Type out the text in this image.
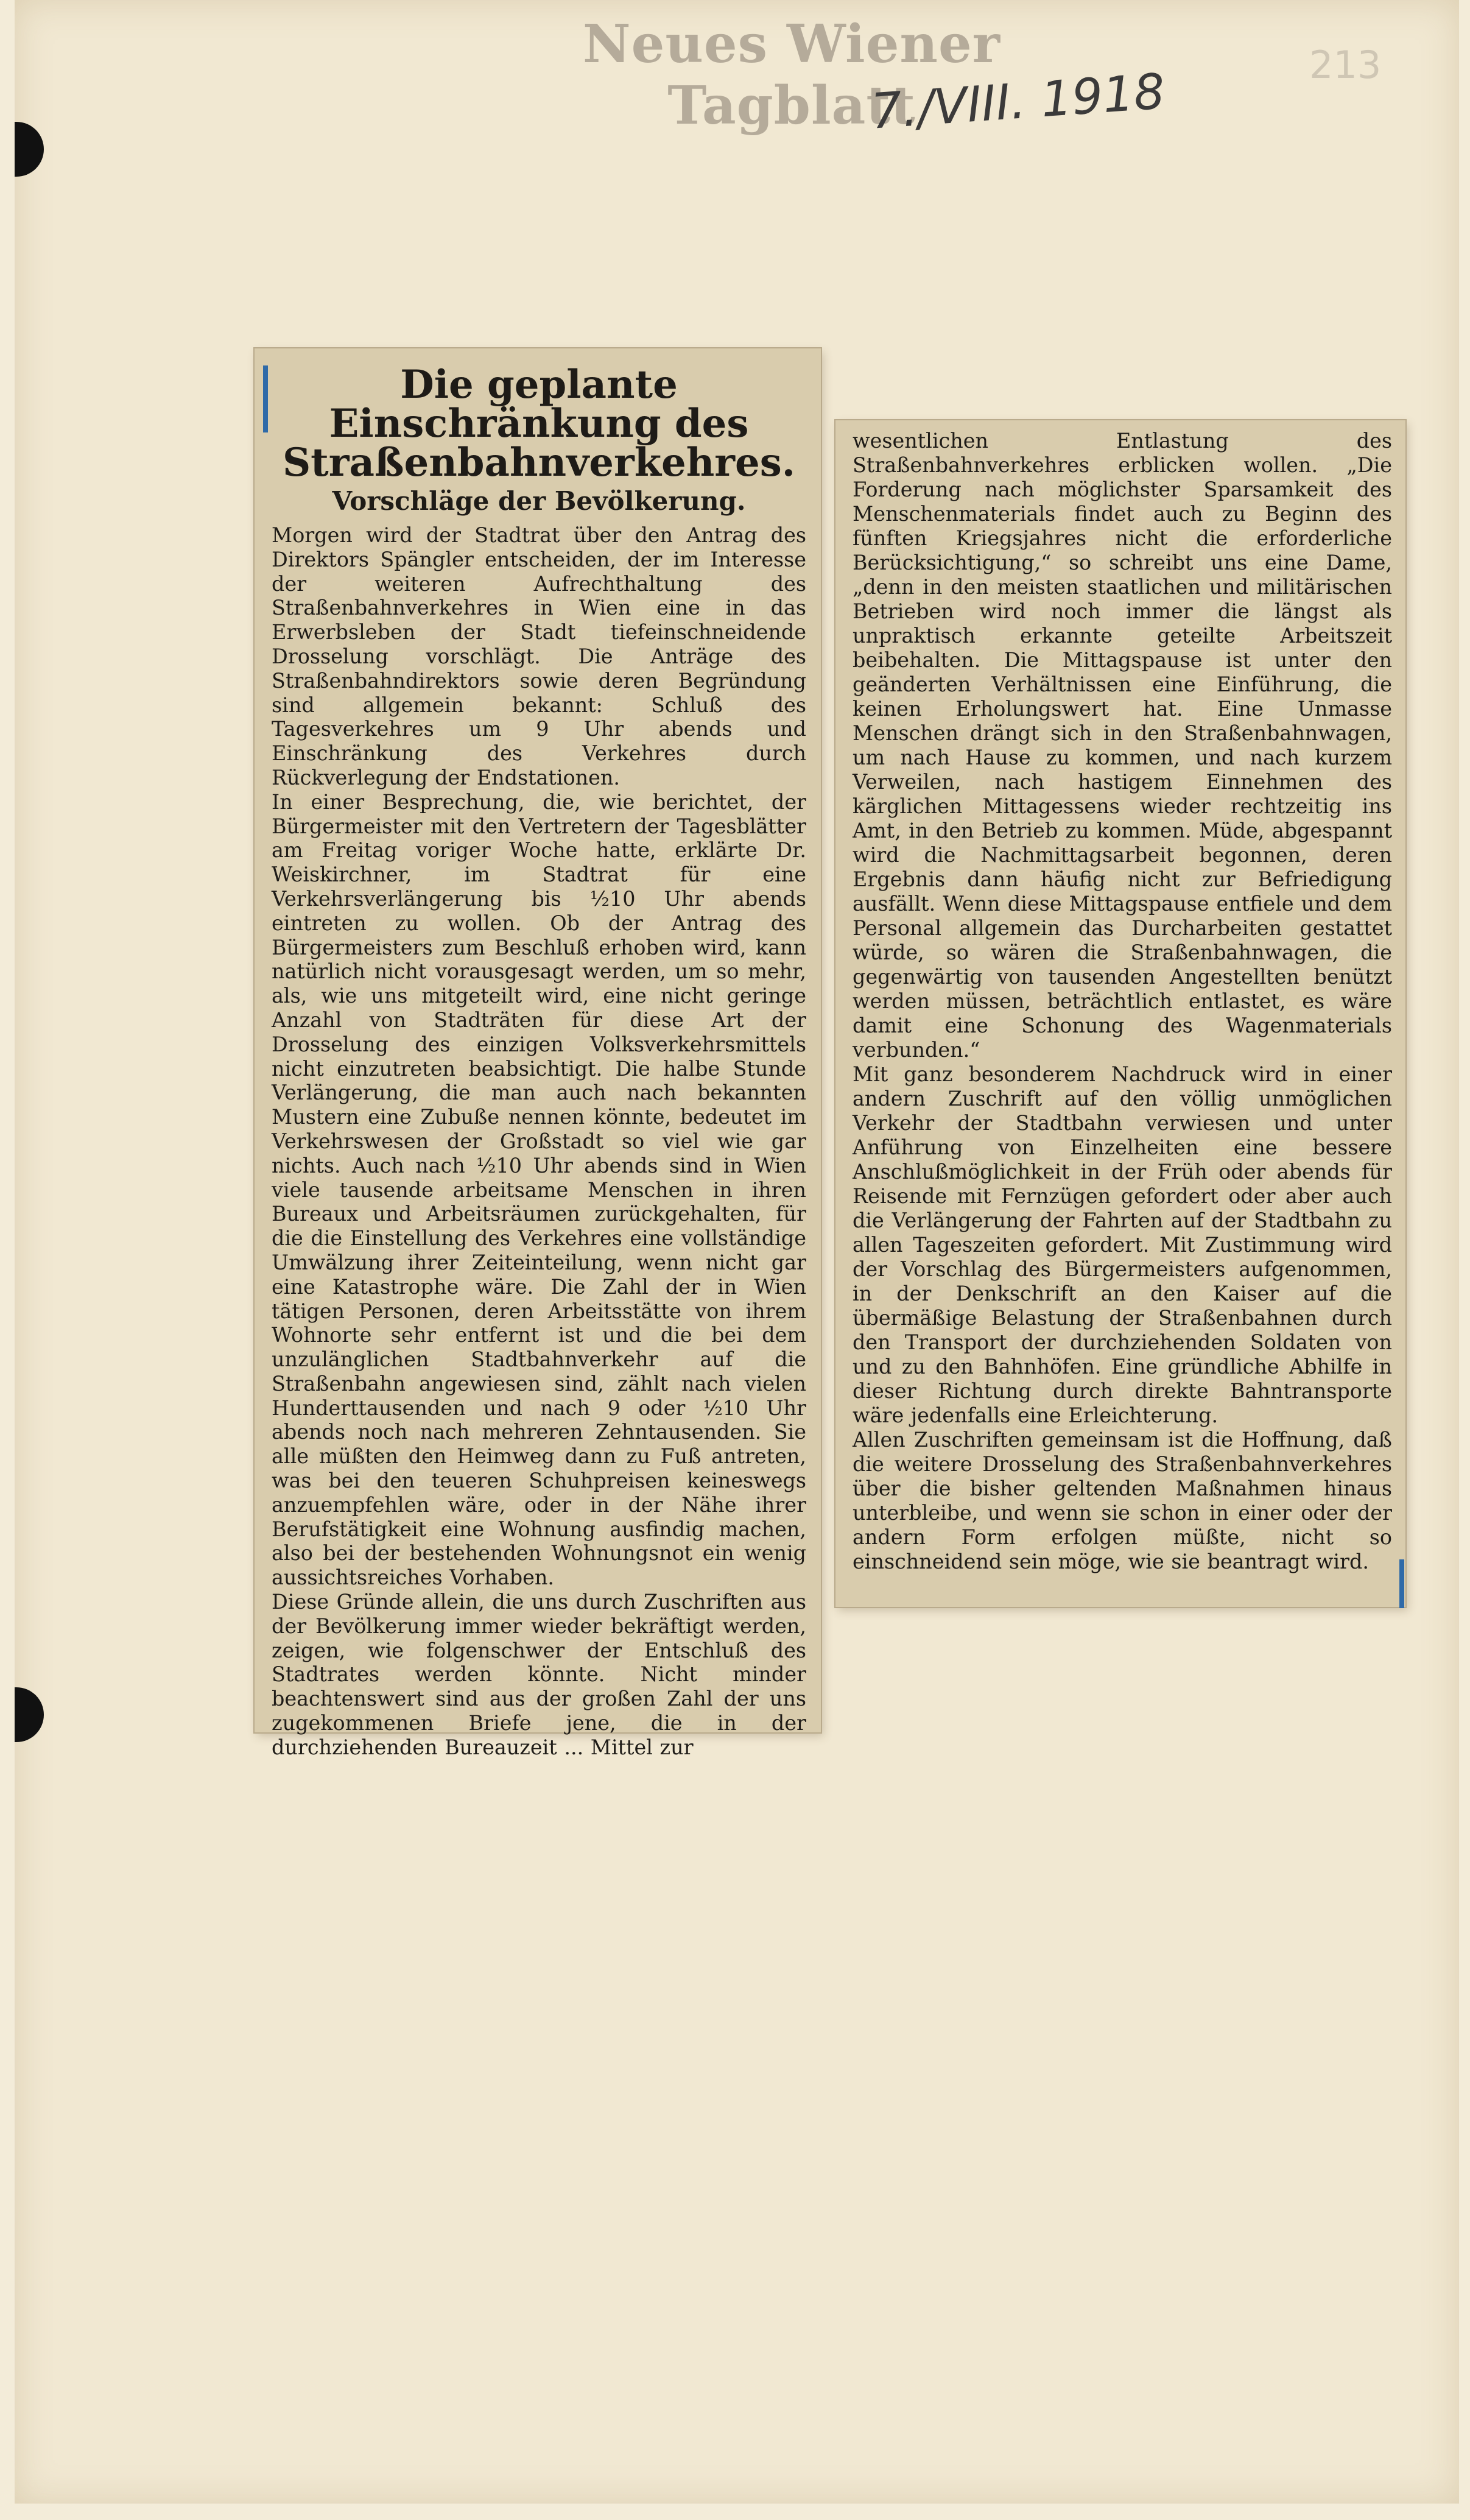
Neues Wiener Tagblatt
7./VIII. 1918	213
Die geplante Einschränkung des Straßenbahnverkehres.
Vorschläge der Bevölkerung.

Morgen wird der Stadtrat über den Antrag des Direktors Spängler entscheiden, der im Interesse der weiteren Aufrechthaltung des Straßenbahnverkehres in Wien eine in das Erwerbsleben der Stadt tiefeinschneidende Drosselung vorschlägt. Die Anträge des Straßenbahndirektors sowie deren Begründung sind allgemein bekannt: Schluß des Tagesverkehres um 9 Uhr abends und Einschränkung des Verkehres durch Rückverlegung der Endstationen.
In einer Besprechung, die, wie berichtet, der Bürgermeister mit den Vertretern der Tagesblätter am Freitag voriger Woche hatte, erklärte Dr. Weiskirchner, im Stadtrat für eine Verkehrsverlängerung bis ½10 Uhr abends eintreten zu wollen. Ob der Antrag des Bürgermeisters zum Beschluß erhoben wird, kann natürlich nicht vorausgesagt werden, um so mehr, als, wie uns mitgeteilt wird, eine nicht geringe Anzahl von Stadträten für diese Art der Drosselung des einzigen Volksverkehrsmittels nicht einzutreten beabsichtigt. Die halbe Stunde Verlängerung, die man auch nach bekannten Mustern eine Zubuße nennen könnte, bedeutet im Verkehrswesen der Großstadt so viel wie gar nichts. Auch nach ½10 Uhr abends sind in Wien viele tausende arbeitsame Menschen in ihren Bureaux und Arbeitsräumen zurückgehalten, für die die Einstellung des Verkehres eine vollständige Umwälzung ihrer Zeiteinteilung, wenn nicht gar eine Katastrophe wäre. Die Zahl der in Wien tätigen Personen, deren Arbeitsstätte von ihrem Wohnorte sehr entfernt ist und die bei dem unzulänglichen Stadtbahnverkehr auf die Straßenbahn angewiesen sind, zählt nach vielen Hunderttausenden und nach 9 oder ½10 Uhr abends noch nach mehreren Zehntausenden. Sie alle müßten den Heimweg dann zu Fuß antreten, was bei den teueren Schuhpreisen keineswegs anzuempfehlen wäre, oder in der Nähe ihrer Berufstätigkeit eine Wohnung ausfindig machen, also bei der bestehenden Wohnungsnot ein wenig aussichtsreiches Vorhaben.
Diese Gründe allein, die uns durch Zuschriften aus der Bevölkerung immer wieder bekräftigt werden, zeigen, wie folgenschwer der Entschluß des Stadtrates werden könnte. Nicht minder beachtenswert sind aus der großen Zahl der uns zugekommenen Briefe jene, die in der durchziehenden Bureauzeit ... Mittel zur

wesentlichen Entlastung des Straßenbahnverkehres erblicken wollen. „Die Forderung nach möglichster Sparsamkeit des Menschenmaterials findet auch zu Beginn des fünften Kriegsjahres nicht die erforderliche Berücksichtigung,“ so schreibt uns eine Dame, „denn in den meisten staatlichen und militärischen Betrieben wird noch immer die längst als unpraktisch erkannte geteilte Arbeitszeit beibehalten. Die Mittagspause ist unter den geänderten Verhältnissen eine Einführung, die keinen Erholungswert hat. Eine Unmasse Menschen drängt sich in den Straßenbahnwagen, um nach Hause zu kommen, und nach kurzem Verweilen, nach hastigem Einnehmen des kärglichen Mittagessens wieder rechtzeitig ins Amt, in den Betrieb zu kommen. Müde, abgespannt wird die Nachmittagsarbeit begonnen, deren Ergebnis dann häufig nicht zur Befriedigung ausfällt. Wenn diese Mittagspause entfiele und dem Personal allgemein das Durcharbeiten gestattet würde, so wären die Straßenbahnwagen, die gegenwärtig von tausenden Angestellten benützt werden müssen, beträchtlich entlastet, es wäre damit eine Schonung des Wagenmaterials verbunden.“
Mit ganz besonderem Nachdruck wird in einer andern Zuschrift auf den völlig unmöglichen Verkehr der Stadtbahn verwiesen und unter Anführung von Einzelheiten eine bessere Anschlußmöglichkeit in der Früh oder abends für Reisende mit Fernzügen gefordert oder aber auch die Verlängerung der Fahrten auf der Stadtbahn zu allen Tageszeiten gefordert. Mit Zustimmung wird der Vorschlag des Bürgermeisters aufgenommen, in der Denkschrift an den Kaiser auf die übermäßige Belastung der Straßenbahnen durch den Transport der durchziehenden Soldaten von und zu den Bahnhöfen. Eine gründliche Abhilfe in dieser Richtung durch direkte Bahntransporte wäre jedenfalls eine Erleichterung.
Allen Zuschriften gemeinsam ist die Hoffnung, daß die weitere Drosselung des Straßenbahnverkehres über die bisher geltenden Maßnahmen hinaus unterbleibe, und wenn sie schon in einer oder der andern Form erfolgen müßte, nicht so einschneidend sein möge, wie sie beantragt wird.
